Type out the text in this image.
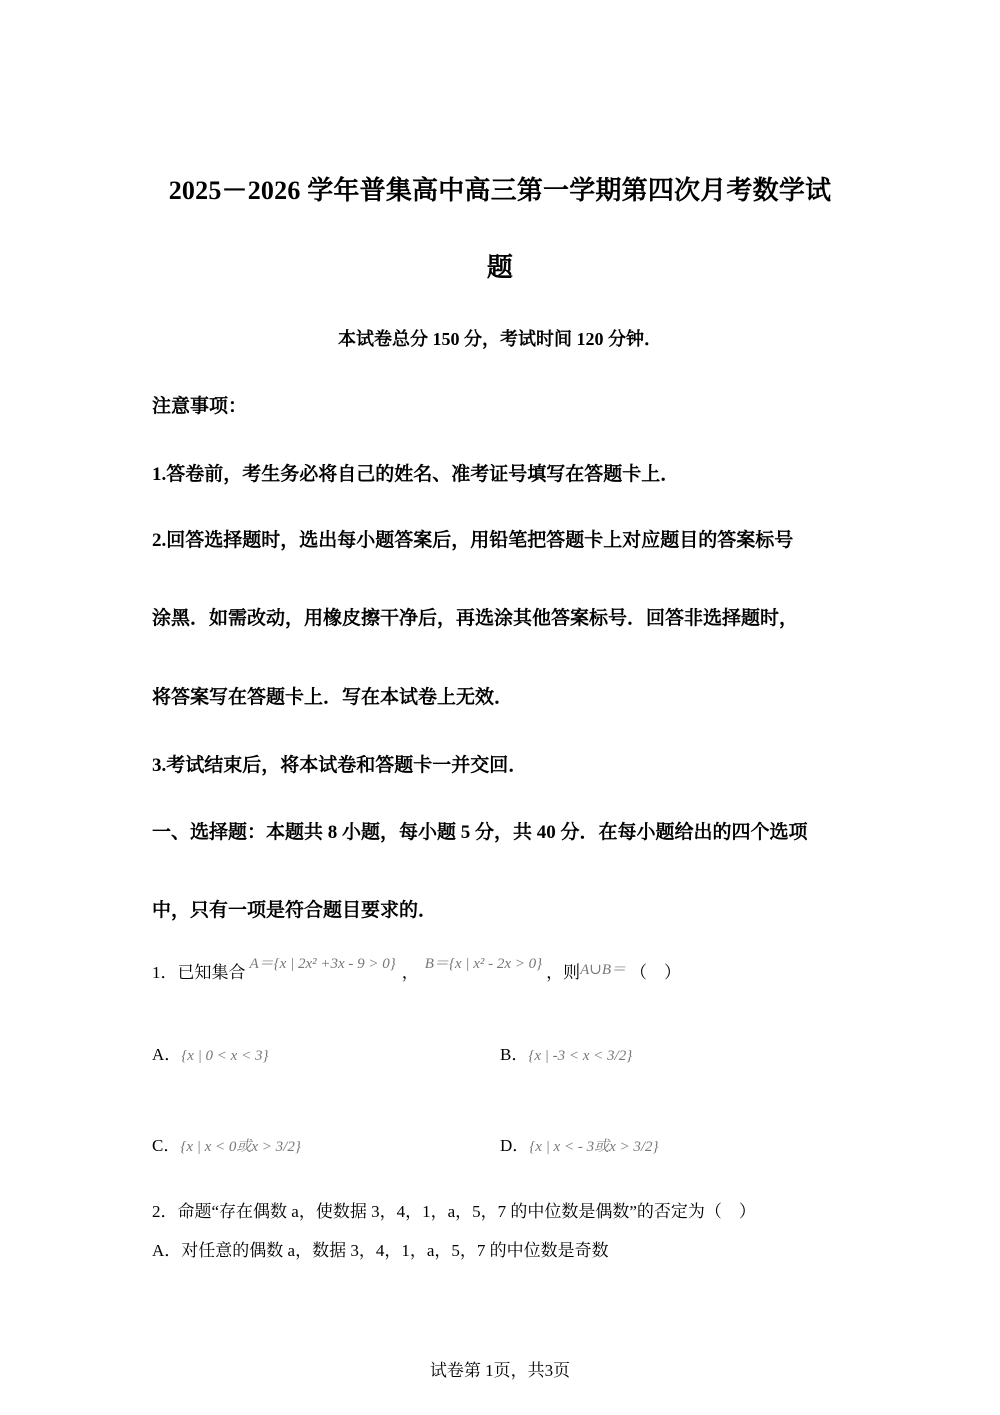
2025－2026 学年普集高中高三第一学期第四次月考数学试
题
本试卷总分 150 分，考试时间 120 分钟．
注意事项：
1.答卷前，考生务必将自己的姓名、准考证号填写在答题卡上．
2.回答选择题时，选出每小题答案后，用铅笔把答题卡上对应题目的答案标号
涂黑．如需改动，用橡皮擦干净后，再选涂其他答案标号．回答非选择题时，
将答案写在答题卡上．写在本试卷上无效．
3.考试结束后，将本试卷和答题卡一并交回．
一、选择题：本题共 8 小题，每小题 5 分，共 40 分．在每小题给出的四个选项
中，只有一项是符合题目要求的．
1．已知集合 A＝{x | 2x² +3x - 9 > 0} ， B＝{x | x² - 2x > 0} ，则A∪B＝ （　）
A．{x | 0 < x < 3}	B．{x | -3 < x < 3/2}
C．{x | x < 0或x > 3/2}	D．{x | x < - 3或x > 3/2}
2．命题“存在偶数 a，使数据 3，4，1，a，5，7 的中位数是偶数”的否定为（　）
A．对任意的偶数 a，数据 3，4，1，a，5，7 的中位数是奇数
试卷第 1页，共3页
